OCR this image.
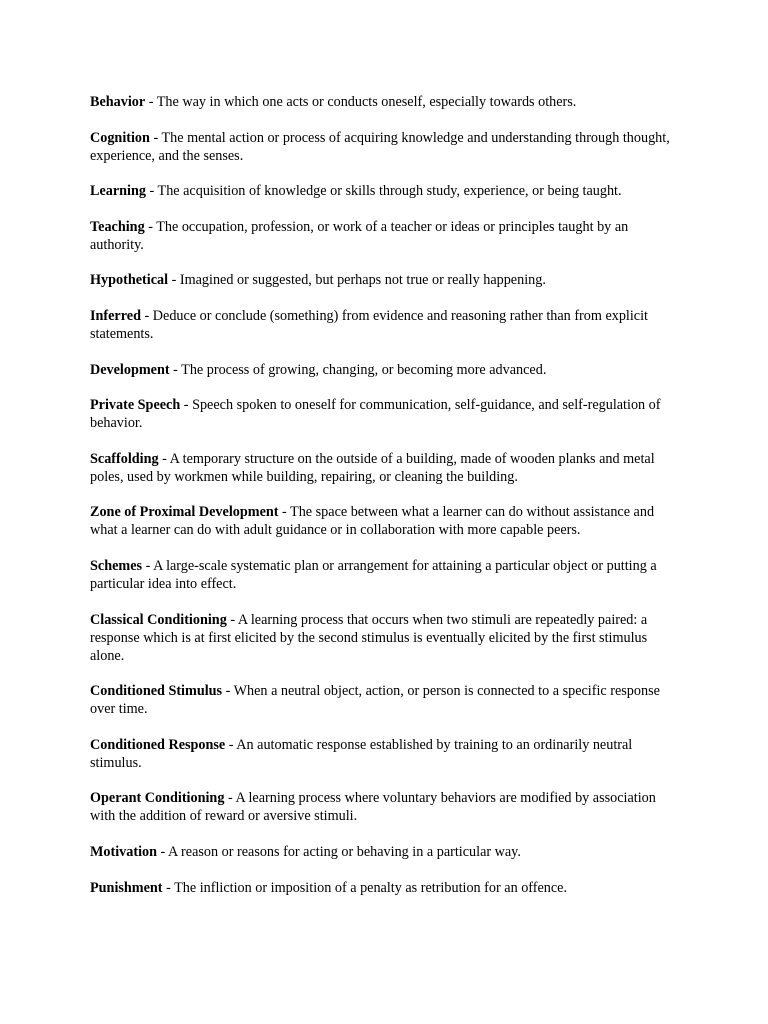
Behavior - The way in which one acts or conducts oneself, especially towards others.

Cognition - The mental action or process of acquiring knowledge and understanding through thought, experience, and the senses.

Learning - The acquisition of knowledge or skills through study, experience, or being taught.

Teaching - The occupation, profession, or work of a teacher or ideas or principles taught by an authority.

Hypothetical - Imagined or suggested, but perhaps not true or really happening.

Inferred - Deduce or conclude (something) from evidence and reasoning rather than from explicit statements.

Development - The process of growing, changing, or becoming more advanced.

Private Speech - Speech spoken to oneself for communication, self-guidance, and self-regulation of behavior.

Scaffolding - A temporary structure on the outside of a building, made of wooden planks and metal poles, used by workmen while building, repairing, or cleaning the building.

Zone of Proximal Development - The space between what a learner can do without assistance and what a learner can do with adult guidance or in collaboration with more capable peers.

Schemes - A large-scale systematic plan or arrangement for attaining a particular object or putting a particular idea into effect.

Classical Conditioning - A learning process that occurs when two stimuli are repeatedly paired: a response which is at first elicited by the second stimulus is eventually elicited by the first stimulus alone.

Conditioned Stimulus - When a neutral object, action, or person is connected to a specific response over time.

Conditioned Response - An automatic response established by training to an ordinarily neutral stimulus.

Operant Conditioning - A learning process where voluntary behaviors are modified by association with the addition of reward or aversive stimuli.

Motivation - A reason or reasons for acting or behaving in a particular way.

Punishment - The infliction or imposition of a penalty as retribution for an offence.
